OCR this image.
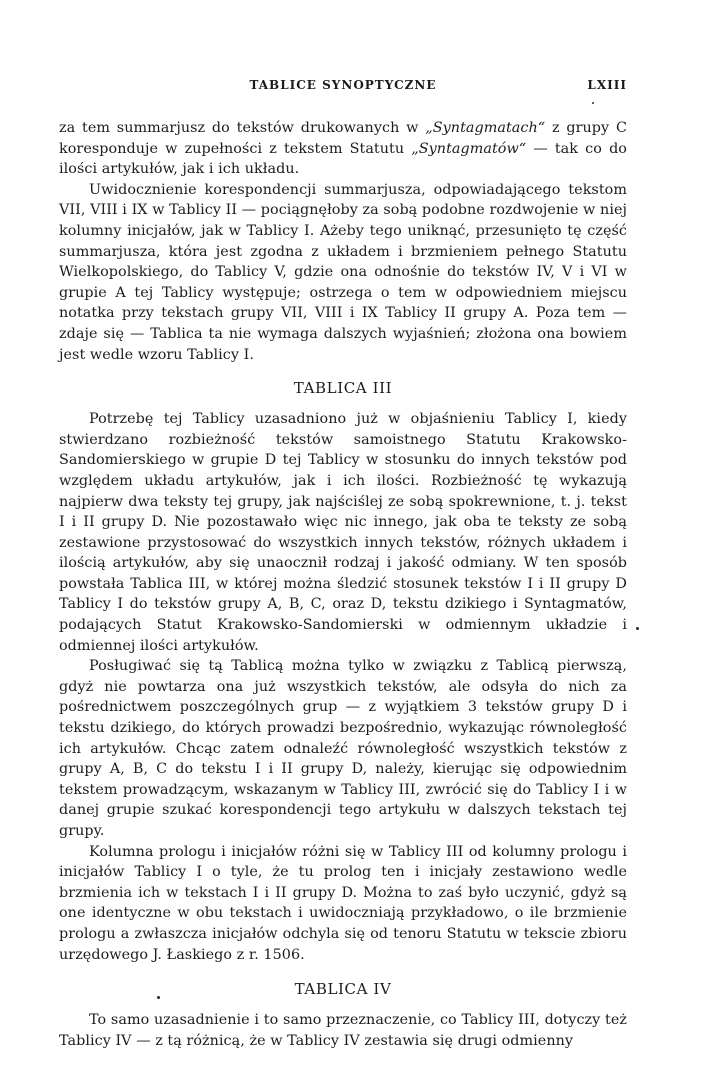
TABLICE SYNOPTYCZNE	LXIII

za tem summarjusz do tekstów drukowanych w „Syntagmatach“ z grupy C koresponduje w zupełności z tekstem Statutu „Syntagmatów“ — tak co do ilości artykułów, jak i ich układu.

Uwidocznienie korespondencji summarjusza, odpowiadającego tekstom VII, VIII i IX w Tablicy II — pociągnęłoby za sobą podobne rozdwojenie w niej kolumny inicjałów, jak w Tablicy I. Ażeby tego uniknąć, przesunięto tę część summarjusza, która jest zgodna z układem i brzmieniem pełnego Statutu Wielkopolskiego, do Tablicy V, gdzie ona odnośnie do tekstów IV, V i VI w grupie A tej Tablicy występuje; ostrzega o tem w odpowiedniem miejscu notatka przy tekstach grupy VII, VIII i IX Tablicy II grupy A. Poza tem — zdaje się — Tablica ta nie wymaga dalszych wyjaśnień; złożona ona bowiem jest wedle wzoru Tablicy I.

TABLICA III

Potrzebę tej Tablicy uzasadniono już w objaśnieniu Tablicy I, kiedy stwierdzano rozbieżność tekstów samoistnego Statutu Krakowsko-Sandomierskiego w grupie D tej Tablicy w stosunku do innych tekstów pod względem układu artykułów, jak i ich ilości. Rozbieżność tę wykazują najpierw dwa teksty tej grupy, jak najściślej ze sobą spokrewnione, t. j. tekst I i II grupy D. Nie pozostawało więc nic innego, jak oba te teksty ze sobą zestawione przystosować do wszystkich innych tekstów, różnych układem i ilością artykułów, aby się unaocznił rodzaj i jakość odmiany. W ten sposób powstała Tablica III, w której można śledzić stosunek tekstów I i II grupy D Tablicy I do tekstów grupy A, B, C, oraz D, tekstu dzikiego i Syntagmatów, podających Statut Krakowsko-Sandomierski w odmiennym układzie i odmiennej ilości artykułów.

Posługiwać się tą Tablicą można tylko w związku z Tablicą pierwszą, gdyż nie powtarza ona już wszystkich tekstów, ale odsyła do nich za pośrednictwem poszczególnych grup — z wyjątkiem 3 tekstów grupy D i tekstu dzikiego, do których prowadzi bezpośrednio, wykazując równoległość ich artykułów. Chcąc zatem odnaleźć równoległość wszystkich tekstów z grupy A, B, C do tekstu I i II grupy D, należy, kierując się odpowiednim tekstem prowadzącym, wskazanym w Tablicy III, zwrócić się do Tablicy I i w danej grupie szukać korespondencji tego artykułu w dalszych tekstach tej grupy.

Kolumna prologu i inicjałów różni się w Tablicy III od kolumny prologu i inicjałów Tablicy I o tyle, że tu prolog ten i inicjały zestawiono wedle brzmienia ich w tekstach I i II grupy D. Można to zaś było uczynić, gdyż są one identyczne w obu tekstach i uwidoczniają przykładowo, o ile brzmienie prologu a zwłaszcza inicjałów odchyla się od tenoru Statutu w teksc​ie zbioru urzędowego J. Łaskiego z r. 1506.

TABLICA IV

To samo uzasadnienie i to samo przeznaczenie, co Tablicy III, dotyczy też Tablicy IV — z tą różnicą, że w Tablicy IV zestawia się drugi odmienny
